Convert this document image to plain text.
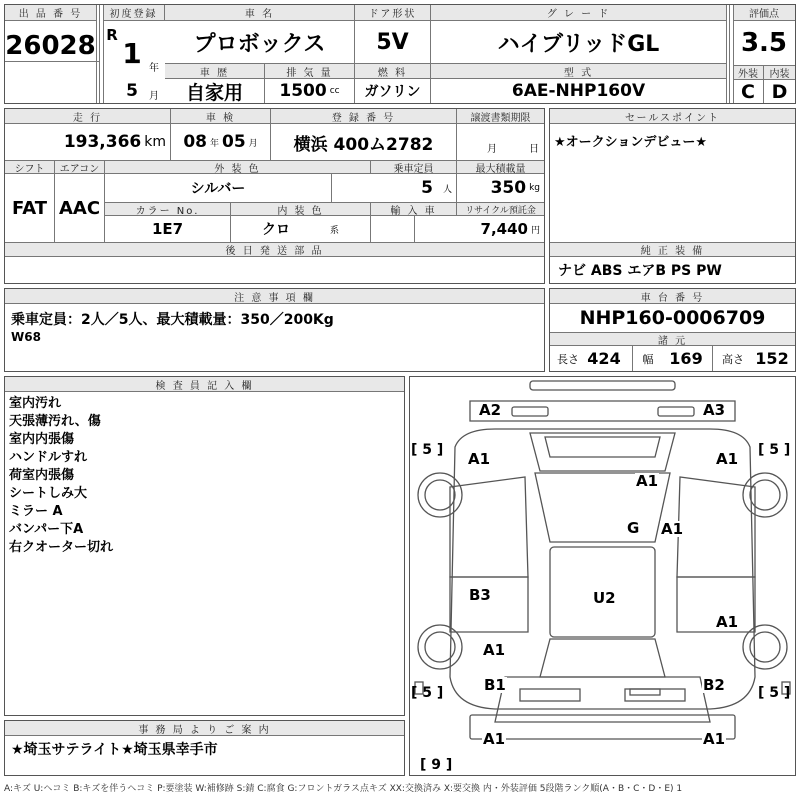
出 品 番 号
26028
初度登録
R
1 年
5	月
車 名
プロボックス
ドア形状
5V
グ レ ー ド
ハイブリッドGL
評価点
3.5
車 歴
自家用
排 気 量
1500 cc
燃 料
ガソリン
型 式
6AE-NHP160V
外装	内装
C D
走 行
193,366 km
車 検
08 年 05 月
登 録 番 号
横浜 400ム2782
譲渡書類期限
月	日
シフト	エアコン
FAT AAC
外 装 色
シルバー
乗車定員
5 人
最大積載量
350 kg
カラー No.
1E7
内 装 色
クロ	系
輸 入 車	リサイクル預託金
7,440 円
後 日 発 送 部 品
セールスポイント
★オークションデビュー★
純 正 装 備
ナビ ABS エアB PS PW
注 意 事 項 欄
乗車定員：2人／5人、最大積載量：350／200Kg
W68
車 台 番 号
NHP160-0006709
諸 元
長さ 424	幅 169	高さ 152
検 査 員 記 入 欄
室内汚れ
天張薄汚れ、傷
室内内張傷
ハンドルすれ
荷室内張傷
シートしみ大
ミラー A
バンパー下A
右クオーター切れ
事 務 局 よ り ご 案 内
★埼玉サテライト★埼玉県幸手市
A2	A3
A1	A1
A1
G A1
B3	U2
A1
A1
B1	B2
A1	A1
[ 5 ]	[ 5 ]
[ 5 ]	[ 5 ]
[ 9 ]
A:キズ U:ヘコミ B:キズを伴うヘコミ P:要塗装 W:補修跡 S:錆 C:腐食 G:フロントガラス点キズ XX:交換済み X:要交換 内・外装評価 5段階ランク順(A・B・C・D・E) 1
